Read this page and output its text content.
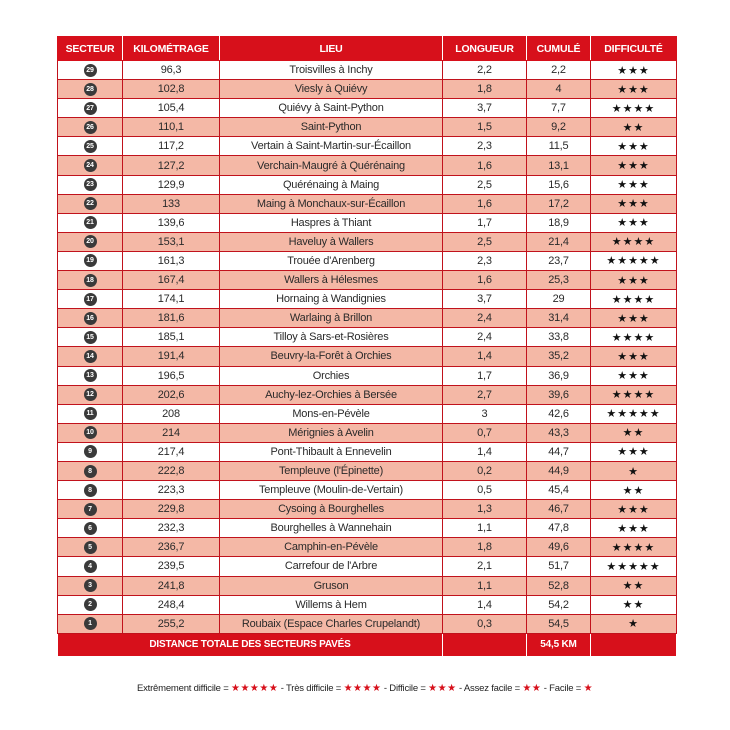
SECTEUR	KILOMÉTRAGE	LIEU	LONGUEUR	CUMULÉ	DIFFICULTÉ
29	96,3	Troisvilles à Inchy	2,2	2,2	★★★
28	102,8	Viesly à Quiévy	1,8	4	★★★
27	105,4	Quiévy à Saint-Python	3,7	7,7	★★★★
26	110,1	Saint-Python	1,5	9,2	★★
25	117,2	Vertain à Saint-Martin-sur-Écaillon	2,3	11,5	★★★
24	127,2	Verchain-Maugré à Quérénaing	1,6	13,1	★★★
23	129,9	Quérénaing à Maing	2,5	15,6	★★★
22	133	Maing à Monchaux-sur-Écaillon	1,6	17,2	★★★
21	139,6	Haspres à Thiant	1,7	18,9	★★★
20	153,1	Haveluy à Wallers	2,5	21,4	★★★★
19	161,3	Trouée d'Arenberg	2,3	23,7	★★★★★
18	167,4	Wallers à Hélesmes	1,6	25,3	★★★
17	174,1	Hornaing à Wandignies	3,7	29	★★★★
16	181,6	Warlaing à Brillon	2,4	31,4	★★★
15	185,1	Tilloy à Sars-et-Rosières	2,4	33,8	★★★★
14	191,4	Beuvry-la-Forêt à Orchies	1,4	35,2	★★★
13	196,5	Orchies	1,7	36,9	★★★
12	202,6	Auchy-lez-Orchies à Bersée	2,7	39,6	★★★★
11	208	Mons-en-Pévèle	3	42,6	★★★★★
10	214	Mérignies à Avelin	0,7	43,3	★★
9	217,4	Pont-Thibault à Ennevelin	1,4	44,7	★★★
8	222,8	Templeuve (l'Épinette)	0,2	44,9	★
8	223,3	Templeuve (Moulin-de-Vertain)	0,5	45,4	★★
7	229,8	Cysoing à Bourghelles	1,3	46,7	★★★
6	232,3	Bourghelles à Wannehain	1,1	47,8	★★★
5	236,7	Camphin-en-Pévèle	1,8	49,6	★★★★
4	239,5	Carrefour de l'Arbre	2,1	51,7	★★★★★
3	241,8	Gruson	1,1	52,8	★★
2	248,4	Willems à Hem	1,4	54,2	★★
1	255,2	Roubaix (Espace Charles Crupelandt)	0,3	54,5	★
DISTANCE TOTALE DES SECTEURS PAVÉS				54,5 KM	
Extrêmement difficile = ★★★★★ - Très difficile = ★★★★ - Difficile = ★★★ - Assez facile = ★★ - Facile = ★
